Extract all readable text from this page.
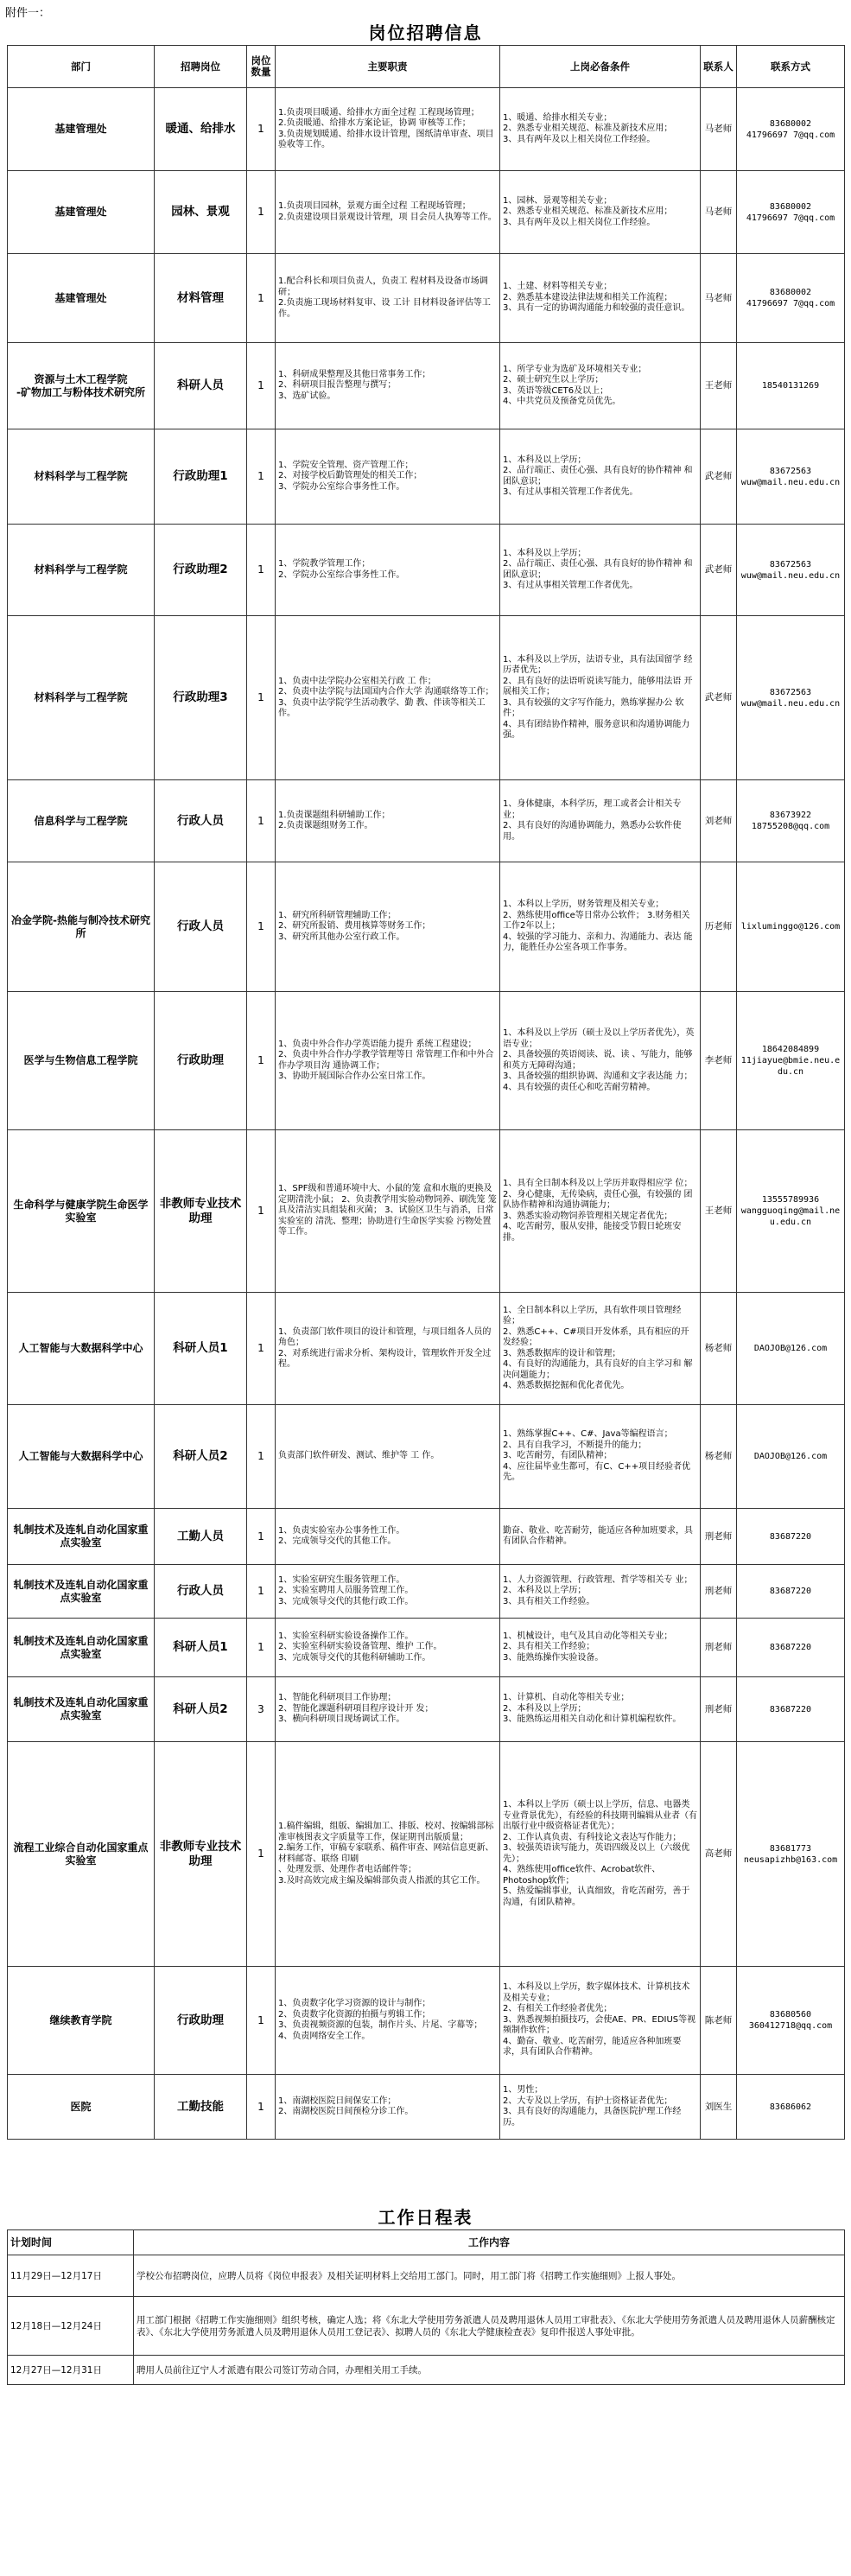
附件一：
岗位招聘信息
部门	招聘岗位	岗位数量	主要职责	上岗必备条件	联系人	联系方式
基建管理处	暖通、给排水	1	1.负责项目暖通、给排水方面全过程 工程现场管理；
2.负责暖通、给排水方案论证，协调 审核等工作；
3.负责规划暖通、给排水设计管理，图纸清单审查、项目验收等工作。	1、暖通、给排水相关专业；
2、熟悉专业相关规范、标准及新技术应用；
3、具有两年及以上相关岗位工作经验。	马老师	83680002
41796697 7@qq.com
基建管理处	园林、景观	1	1.负责项目园林，景观方面全过程 工程现场管理；
2.负责建设项目景观设计管理，项 目会员人执筹等工作。	1、园林、景观等相关专业；
2、熟悉专业相关规范、标准及新技术应用；
3、具有两年及以上相关岗位工作经验。	马老师	83680002
41796697 7@qq.com
基建管理处	材料管理	1	1.配合科长和项目负责人，负责工 程材料及设备市场调研；
2.负责施工现场材料复审、设 工计 目材料设备评估等工作。	1、土建、材料等相关专业；
2、熟悉基本建设法律法规和相关工作流程；
3、具有一定的协调沟通能力和较强的责任意识。	马老师	83680002
41796697 7@qq.com
资源与土木工程学院
-矿物加工与粉体技术研究所	科研人员	1	1、科研成果整理及其他日常事务工作；
2、科研项目报告整理与撰写；
3、选矿试验。	1、所学专业为选矿及环境相关专业；
2、硕士研究生以上学历；
3、英语等级CET6及以上；
4、中共党员及预备党员优先。	王老师	18540131269
材料科学与工程学院	行政助理1	1	1、学院安全管理、资产管理工作；
2、对接学校后勤管理处的相关工作；
3、学院办公室综合事务性工作。	1、本科及以上学历；
2、品行端正、责任心强、具有良好的协作精神 和团队意识；
3、有过从事相关管理工作者优先。	武老师	83672563
wuw@mail.neu.edu.cn
材料科学与工程学院	行政助理2	1	1、学院教学管理工作；
2、学院办公室综合事务性工作。	1、本科及以上学历；
2、品行端正、责任心强、具有良好的协作精神 和团队意识；
3、有过从事相关管理工作者优先。	武老师	83672563
wuw@mail.neu.edu.cn
材料科学与工程学院	行政助理3	1	1、负责中法学院办公室相关行政 工 作；
2、负责中法学院与法国国内合作大学 沟通联络等工作；
3、负责中法学院学生活动教学、勤 教、伴读等相关工作。	1、本科及以上学历，法语专业，具有法国留学 经历者优先；
2、具有良好的法语听说读写能力，能够用法语 开展相关工作；
3、具有较强的文字写作能力，熟练掌握办公 软 件；
4、具有团结协作精神，服务意识和沟通协调能力强。	武老师	83672563
wuw@mail.neu.edu.cn
信息科学与工程学院	行政人员	1	1.负责课题组科研辅助工作；
2.负责课题组财务工作。	1、身体健康，本科学历，理工或者会计相关专 业；
2、具有良好的沟通协调能力，熟悉办公软件使用。	刘老师	83673922
18755208@qq.com
冶金学院-热能与制冷技术研究所	行政人员	1	1、研究所科研管理辅助工作；
2、研究所报销、费用核算等财务工作；
3、研究所其他办公室行政工作。	1、本科以上学历，财务管理及相关专业；
2、熟练使用office等日常办公软件； 3.财务相关工作2年以上；
4、较强的学习能力、亲和力、沟通能力、表达 能力，能胜任办公室各项工作事务。	历老师	lixluminggo@126.com
医学与生物信息工程学院	行政助理	1	1、负责中外合作办学英语能力提升 系统工程建设；
2、负责中外合作办学教学管理等日 常管理工作和中外合作办学项目沟 通协调工作；
3、协助开展国际合作办公室日常工作。	1、本科及以上学历（硕士及以上学历者优先），英语专业；
2、具备较强的英语阅读、说、读 、写能力，能够 和英方无障碍沟通；
3、具备较强的组织协调、沟通和文字表达能 力；
4、具有较强的责任心和吃苦耐劳精神。	李老师	18642084899
11jiayue@bmie.neu.edu.cn
生命科学与健康学院生命医学实验室	非教师专业技术助理	1	1、SPF级和普通环境中大、小鼠的笼 盒和水瓶的更换及定期清洗小鼠； 2、负责教学用实验动物饲养、刷洗笼 笼具及清洁实具组装和灭菌； 3、试验区卫生与消杀，日常实验室的 清洗、整理；协助进行生命医学实验 污物处置等工作。	1、具有全日制本科及以上学历并取得相应学 位；
2、身心健康，无传染病，责任心强，有较强的 团队协作精神和沟通协调能力；
3、熟悉实验动物饲养管理相关规定者优先；
4、吃苦耐劳，服从安排，能接受节假日轮班安排。	王老师	13555789936
wangguoqing@mail.neu.edu.cn
人工智能与大数据科学中心	科研人员1	1	1、负责部门软件项目的设计和管理，与项目组各人员的角色；
2、对系统进行需求分析、架构设计，管理软件开发全过程。	1、全日制本科以上学历，具有软件项目管理经 验；
2、熟悉C++、C#项目开发体系，具有相应的开 发经验；
3、熟悉数据库的设计和管理；
4、有良好的沟通能力，具有良好的自主学习和 解决问题能力；
4、熟悉数据挖掘和优化者优先。	杨老师	DAOJOB@126.com
人工智能与大数据科学中心	科研人员2	1	负责部门软件研发、测试、维护等 工 作。	1、熟练掌握C++、C#、Java等编程语言；
2、具有自我学习，不断提升的能力；
3、吃苦耐劳，有团队精神；
4、应往届毕业生都可，有C、C++项目经验者优先。	杨老师	DAOJOB@126.com
轧制技术及连轧自动化国家重点实验室	工勤人员	1	1、负责实验室办公事务性工作。
2、完成领导交代的其他工作。	勤奋、敬业、吃苦耐劳，能适应各种加班要求，具有团队合作精神。	刑老师	83687220
轧制技术及连轧自动化国家重点实验室	行政人员	1	1、实验室研究生服务管理工作。
2、实验室聘用人员服务管理工作。
3、完成领导交代的其他行政工作。	1、人力资源管理、行政管理、哲学等相关专 业；
2、本科及以上学历；
3、具有相关工作经验。	刑老师	83687220
轧制技术及连轧自动化国家重点实验室	科研人员1	1	1、实验室科研实验设备操作工作。
2、实验室科研实验设备管理、维护 工作。
3、完成领导交代的其他科研辅助工作。	1、机械设计，电气及其自动化等相关专业；
2、具有相关工作经验；
3、能熟练操作实验设备。	刑老师	83687220
轧制技术及连轧自动化国家重点实验室	科研人员2	3	1、智能化科研项目工作协理；
2、智能化課题科研項目程序设计开 发；
3、横向科研项目现场调试工作。	1、计算机、自动化等相关专业；
2、本科及以上学历；
3、能熟练运用相关自动化和计算机编程软件。	刑老师	83687220
流程工业综合自动化国家重点实验室	非教师专业技术助理	1	1.稿件编辑，组版、编辑加工、排版、校对、按编辑部标准审核图表文字质量等工作，保证期刊出版质量；
2.编务工作，审稿专家联系、稿件审查、网站信息更新、材料邮寄、联络 印刷
、处理发票、处理作者电话邮件等；
3.及时高效完成主编及编辑部负责人指派的其它工作。	1、本科以上学历（硕士以上学历，信息、电器类专业背景优先），有经验的科技期刊编辑从业者（有出版行业中级资格证者优先）；
2、工作认真负责、有科技论文表达写作能力；
3、较强英语读写能力，英语四级及以上（六级优先）；
4、熟练使用office软件、Acrobat软件、Photoshop软件；
5、热爱编辑事业，认真细致，肯吃苦耐劳，善于沟通，有团队精神。	高老师	83681773
neusapizhb@163.com
继续教育学院	行政助理	1	1、负责数字化学习资源的设计与制作；
2、负责数字化资源的拍摄与剪辑工作；
3、负责视频资源的包装，制作片头、片尾、字幕等；
4、负责网络安全工作。	1、本科及以上学历，数字媒体技术、计算机技术及相关专业；
2、有相关工作经验者优先；
3、熟悉视频拍摄技巧，会使AE、PR、EDIUS等视频制作软件；
4、勤奋、敬业、吃苦耐劳，能适应各种加班要求，具有团队合作精神。	陈老师	83680560
360412718@qq.com
医院	工勤技能	1	1、南湖校医院日间保安工作；
2、南湖校医院日间预检分诊工作。	1、男性；
2、大专及以上学历，有护士资格证者优先；
3、具有良好的沟通能力，具备医院护理工作经历。	刘医生	83686062
工作日程表
计划时间	工作内容
11月29日—12月17日	学校公布招聘岗位，应聘人员将《岗位申报表》及相关证明材料上交给用工部门。同时，用工部门将《招聘工作实施细则》上报人事处。
12月18日—12月24日	用工部门根据《招聘工作实施细则》组织考核，确定人选；将《东北大学使用劳务派遣人员及聘用退休人员用工审批表》、《东北大学使用劳务派遣人员及聘用退休人员薪酬核定表》、《东北大学使用劳务派遣人员及聘用退休人员用工登记表》、拟聘人员的《东北大学健康检查表》复印件报送人事处审批。
12月27日—12月31日	聘用人员前往辽宁人才派遣有限公司签订劳动合同，办理相关用工手续。
